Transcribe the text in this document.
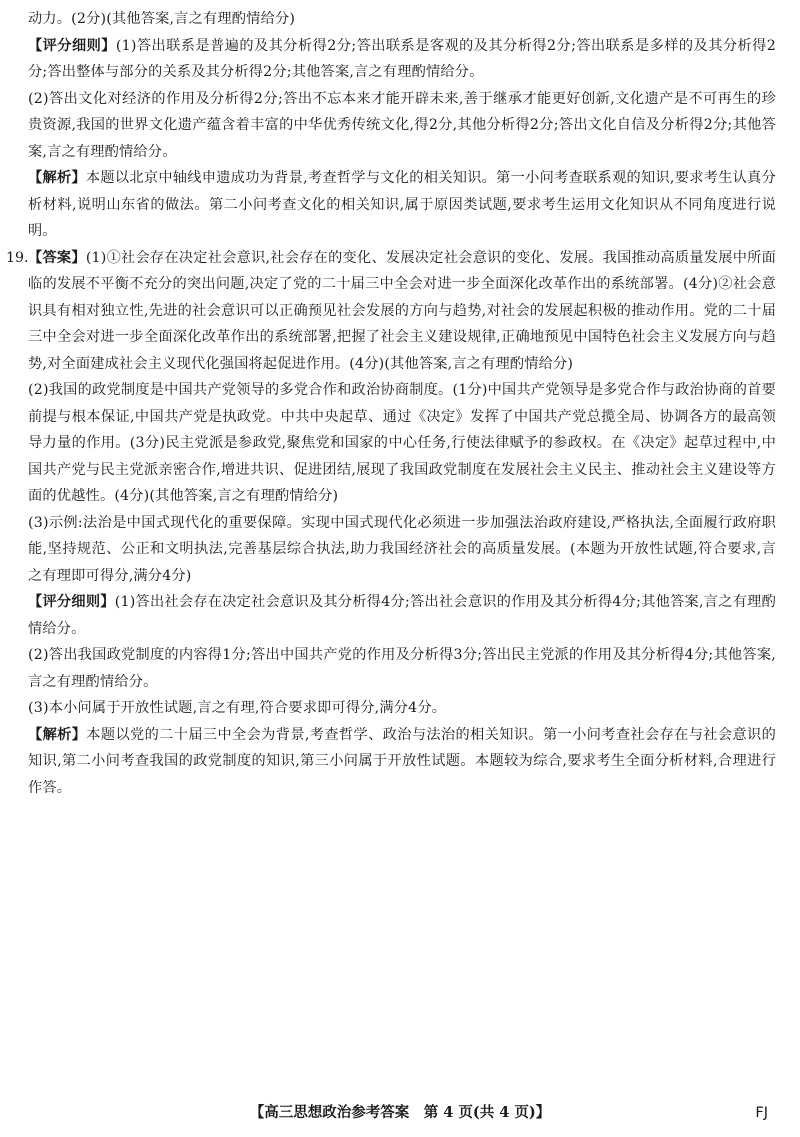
动力。(2分)(其他答案,言之有理酌情给分)

【评分细则】(1)答出联系是普遍的及其分析得2分;答出联系是客观的及其分析得2分;答出联系是多样的及其分析得2分;答出整体与部分的关系及其分析得2分;其他答案,言之有理酌情给分。

(2)答出文化对经济的作用及分析得2分;答出不忘本来才能开辟未来,善于继承才能更好创新,文化遗产是不可再生的珍贵资源,我国的世界文化遗产蕴含着丰富的中华优秀传统文化,得2分,其他分析得2分;答出文化自信及分析得2分;其他答案,言之有理酌情给分。

【解析】本题以北京中轴线申遗成功为背景,考查哲学与文化的相关知识。第一小问考查联系观的知识,要求考生认真分析材料,说明山东省的做法。第二小问考查文化的相关知识,属于原因类试题,要求考生运用文化知识从不同角度进行说明。

19. 【答案】(1)①社会存在决定社会意识,社会存在的变化、发展决定社会意识的变化、发展。我国推动高质量发展中所面临的发展不平衡不充分的突出问题,决定了党的二十届三中全会对进一步全面深化改革作出的系统部署。(4分)②社会意识具有相对独立性,先进的社会意识可以正确预见社会发展的方向与趋势,对社会的发展起积极的推动作用。党的二十届三中全会对进一步全面深化改革作出的系统部署,把握了社会主义建设规律,正确地预见中国特色社会主义发展方向与趋势,对全面建成社会主义现代化强国将起促进作用。(4分)(其他答案,言之有理酌情给分)

(2)我国的政党制度是中国共产党领导的多党合作和政治协商制度。(1分)中国共产党领导是多党合作与政治协商的首要前提与根本保证,中国共产党是执政党。中共中央起草、通过《决定》发挥了中国共产党总揽全局、协调各方的最高领导力量的作用。(3分)民主党派是参政党,聚焦党和国家的中心任务,行使法律赋予的参政权。在《决定》起草过程中,中国共产党与民主党派亲密合作,增进共识、促进团结,展现了我国政党制度在发展社会主义民主、推动社会主义建设等方面的优越性。(4分)(其他答案,言之有理酌情给分)

(3)示例:法治是中国式现代化的重要保障。实现中国式现代化必须进一步加强法治政府建设,严格执法,全面履行政府职能,坚持规范、公正和文明执法,完善基层综合执法,助力我国经济社会的高质量发展。(本题为开放性试题,符合要求,言之有理即可得分,满分4分)

【评分细则】(1)答出社会存在决定社会意识及其分析得4分;答出社会意识的作用及其分析得4分;其他答案,言之有理酌情给分。

(2)答出我国政党制度的内容得1分;答出中国共产党的作用及分析得3分;答出民主党派的作用及其分析得4分;其他答案,言之有理酌情给分。

(3)本小问属于开放性试题,言之有理,符合要求即可得分,满分4分。

【解析】本题以党的二十届三中全会为背景,考查哲学、政治与法治的相关知识。第一小问考查社会存在与社会意识的知识,第二小问考查我国的政党制度的知识,第三小问属于开放性试题。本题较为综合,要求考生全面分析材料,合理进行作答。

【高三思想政治参考答案　第 4 页(共 4 页)】	FJ
